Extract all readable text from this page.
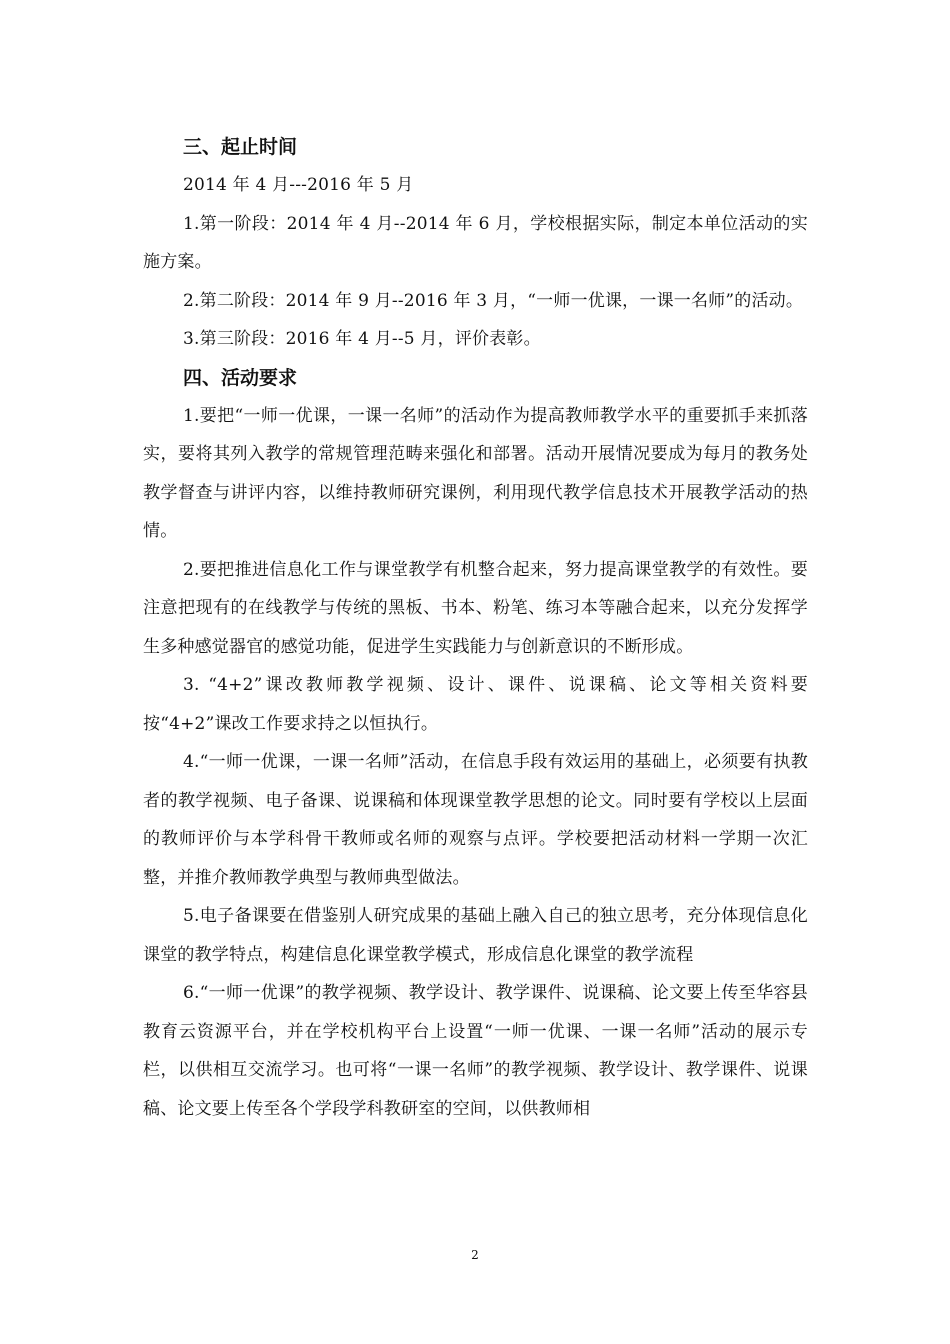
三、起止时间

2014 年 4 月---2016 年 5 月

1.第一阶段：2014 年 4 月--2014 年 6 月，学校根据实际，制定本单位活动的实施方案。

2.第二阶段：2014 年 9 月--2016 年 3 月，“一师一优课，一课一名师”的活动。

3.第三阶段：2016 年 4 月--5 月，评价表彰。

四、活动要求

1.要把“一师一优课，一课一名师”的活动作为提高教师教学水平的重要抓手来抓落实，要将其列入教学的常规管理范畴来强化和部署。活动开展情况要成为每月的教务处教学督查与讲评内容，以维持教师研究课例，利用现代教学信息技术开展教学活动的热情。

2.要把推进信息化工作与课堂教学有机整合起来，努力提高课堂教学的有效性。要注意把现有的在线教学与传统的黑板、书本、粉笔、练习本等融合起来，以充分发挥学生多种感觉器官的感觉功能，促进学生实践能力与创新意识的不断形成。

3. “4+2”课改教师教学视频、设计、课件、说课稿、论文等相关资料要按“4+2”课改工作要求持之以恒执行。

4.“一师一优课，一课一名师”活动，在信息手段有效运用的基础上，必须要有执教者的教学视频、电子备课、说课稿和体现课堂教学思想的论文。同时要有学校以上层面的教师评价与本学科骨干教师或名师的观察与点评。学校要把活动材料一学期一次汇整，并推介教师教学典型与教师典型做法。

5.电子备课要在借鉴别人研究成果的基础上融入自己的独立思考，充分体现信息化课堂的教学特点，构建信息化课堂教学模式，形成信息化课堂的教学流程

6.“一师一优课”的教学视频、教学设计、教学课件、说课稿、论文要上传至华容县教育云资源平台，并在学校机构平台上设置“一师一优课、一课一名师”活动的展示专栏，以供相互交流学习。也可将“一课一名师”的教学视频、教学设计、教学课件、说课稿、论文要上传至各个学段学科教研室的空间，以供教师相

2
